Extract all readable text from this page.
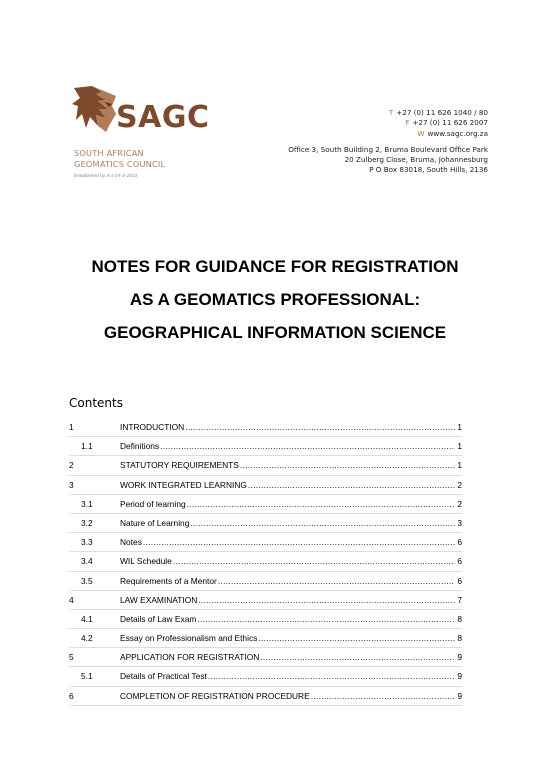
SAGC
SOUTH AFRICAN
GEOMATICS COUNCIL
Established by Act 19 of 2013
T +27 (0) 11 626 1040 / 80
F +27 (0) 11 626 2007
W www.sagc.org.za
Office 3, South Building 2, Bruma Boulevard Office Park
20 Zulberg Close, Bruma, Johannesburg
P O Box 83018, South Hills, 2136
NOTES FOR GUIDANCE FOR REGISTRATION
AS A GEOMATICS PROFESSIONAL:
GEOGRAPHICAL INFORMATION SCIENCE
Contents
1	INTRODUCTION .....	1
1.1	Definitions .....	1
2	STATUTORY REQUIREMENTS .....	1
3	WORK INTEGRATED LEARNING .....	2
3.1	Period of learning .....	2
3.2	Nature of Learning .....	3
3.3	Notes .....	6
3.4	WIL Schedule .....	6
3.5	Requirements of a Mentor .....	6
4	LAW EXAMINATION .....	7
4.1	Details of Law Exam .....	8
4.2	Essay on Professionalism and Ethics .....	8
5	APPLICATION FOR REGISTRATION .....	9
5.1	Details of Practical Test .....	9
6	COMPLETION OF REGISTRATION PROCEDURE .....	9
